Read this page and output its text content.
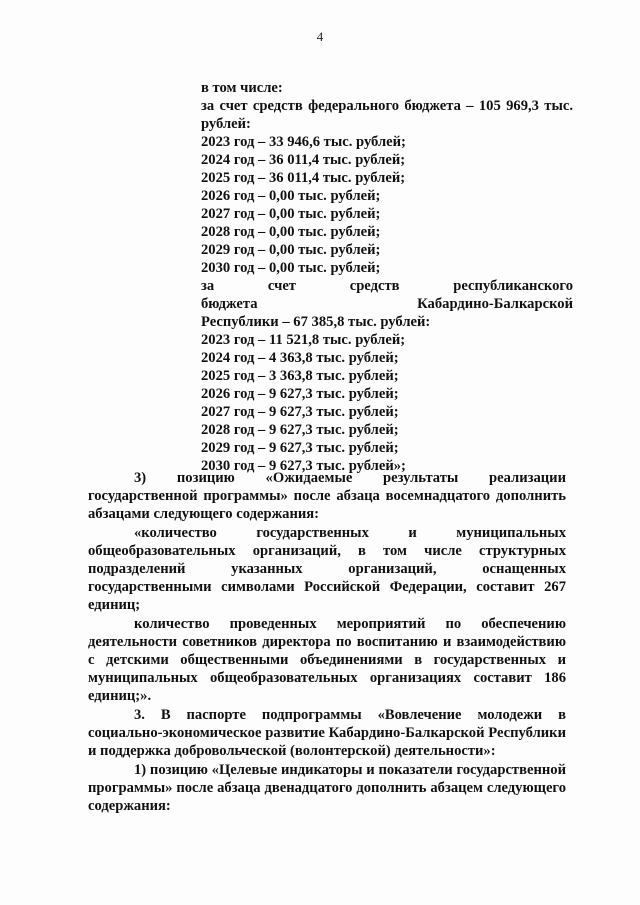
4
в том числе:
за счет средств федерального бюджета – 105 969,3 тыс.
рублей:
2023 год – 33 946,6 тыс. рублей;
2024 год – 36 011,4 тыс. рублей;
2025 год – 36 011,4 тыс. рублей;
2026 год – 0,00 тыс. рублей;
2027 год – 0,00 тыс. рублей;
2028 год – 0,00 тыс. рублей;
2029 год – 0,00 тыс. рублей;
2030 год – 0,00 тыс. рублей;
за счет средств республиканского
бюджета Кабардино-Балкарской
Республики – 67 385,8 тыс. рублей:
2023 год – 11 521,8 тыс. рублей;
2024 год – 4 363,8 тыс. рублей;
2025 год – 3 363,8 тыс. рублей;
2026 год – 9 627,3 тыс. рублей;
2027 год – 9 627,3 тыс. рублей;
2028 год – 9 627,3 тыс. рублей;
2029 год – 9 627,3 тыс. рублей;
2030 год – 9 627,3 тыс. рублей»;

3) позицию «Ожидаемые результаты реализации государственной программы» после абзаца восемнадцатого дополнить абзацами следующего содержания:

«количество государственных и муниципальных общеобразовательных организаций, в том числе структурных подразделений указанных организаций, оснащенных государственными символами Российской Федерации, составит 267 единиц;

количество проведенных мероприятий по обеспечению деятельности советников директора по воспитанию и взаимодействию с детскими общественными объединениями в государственных и муниципальных общеобразовательных организациях составит 186 единиц;».

3. В паспорте подпрограммы «Вовлечение молодежи в социально-экономическое развитие Кабардино-Балкарской Республики и поддержка добровольческой (волонтерской) деятельности»:

1) позицию «Целевые индикаторы и показатели государственной программы» после абзаца двенадцатого дополнить абзацем следующего содержания:
